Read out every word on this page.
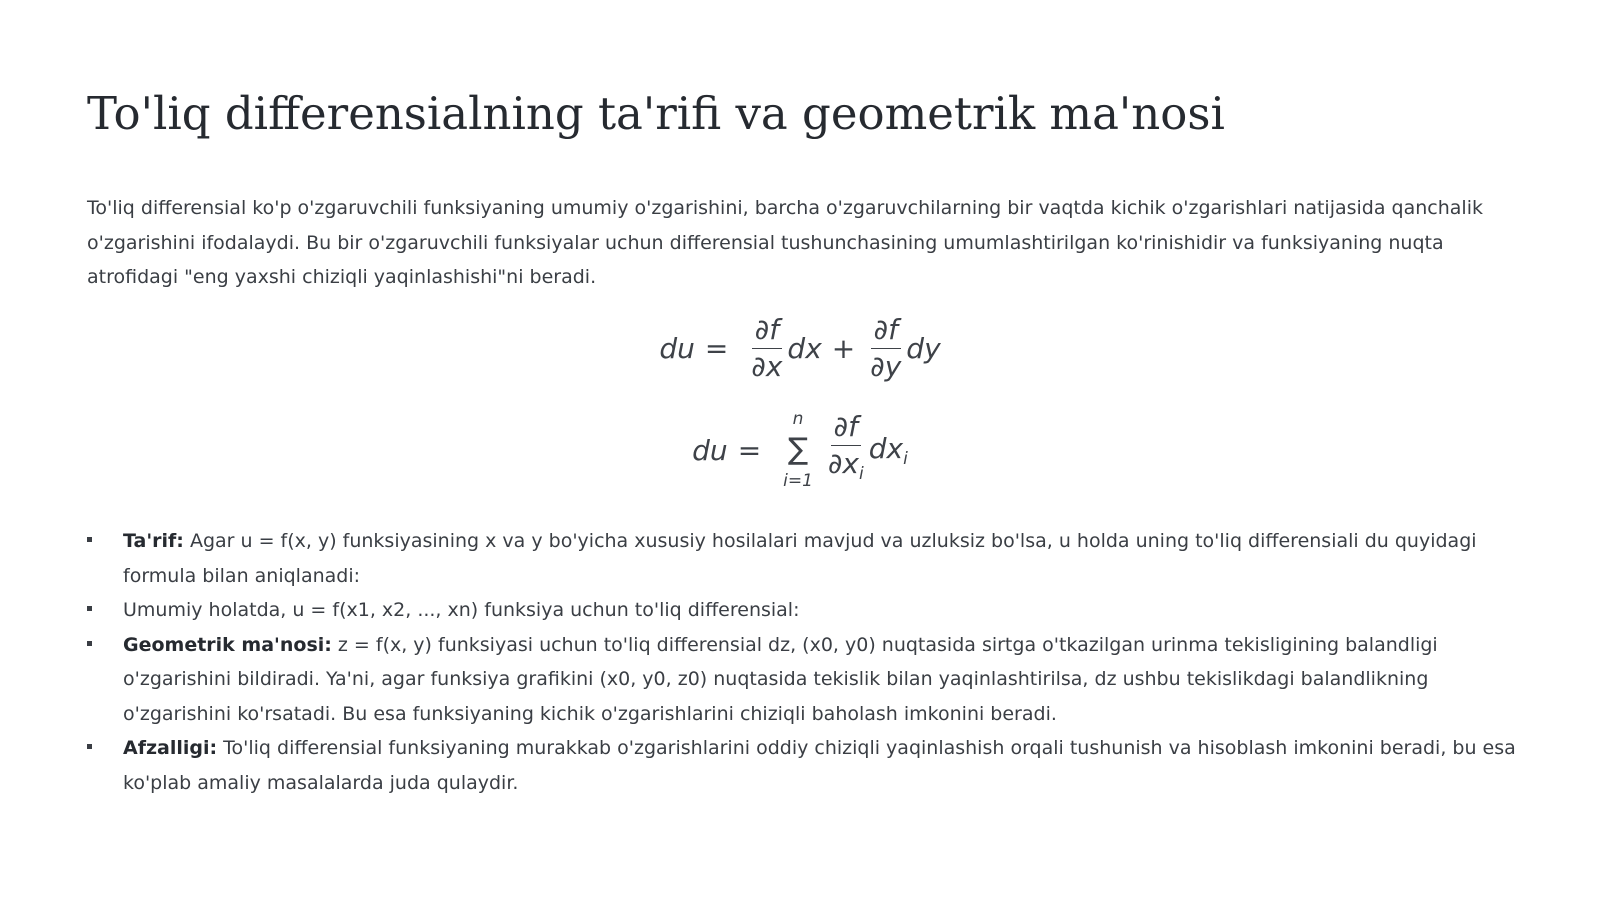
To'liq differensialning ta'rifi va geometrik ma'nosi

To'liq differensial ko'p o'zgaruvchili funksiyaning umumiy o'zgarishini, barcha o'zgaruvchilarning bir vaqtda kichik o'zgarishlari natijasida qanchalik o'zgarishini ifodalaydi. Bu bir o'zgaruvchili funksiyalar uchun differensial tushunchasining umumlashtirilgan ko'rinishidir va funksiyaning nuqta atrofidagi "eng yaxshi chiziqli yaqinlashishi"ni beradi.

du = $\frac{\partial f}{\partial x}$ dx + $\frac{\partial f}{\partial y}$ dy
du =
n
∑
$i=1 \frac{\partial f}{\partial x_i} dx_i$
Ta'rif: Agar u = f(x, y) funksiyasining x va y bo'yicha xususiy hosilalari mavjud va uzluksiz bo'lsa, u holda uning to'liq differensiali du quyidagi formula bilan aniqlanadi:
Umumiy holatda, u = f(x1, x2, ..., xn) funksiya uchun to'liq differensial:
Geometrik ma'nosi: z = f(x, y) funksiyasi uchun to'liq differensial dz, (x0, y0) nuqtasida sirtga o'tkazilgan urinma tekisligining balandligi o'zgarishini bildiradi. Ya'ni, agar funksiya grafikini (x0, y0, z0) nuqtasida tekislik bilan yaqinlashtirilsa, dz ushbu tekislikdagi balandlikning o'zgarishini ko'rsatadi. Bu esa funksiyaning kichik o'zgarishlarini chiziqli baholash imkonini beradi.
Afzalligi: To'liq differensial funksiyaning murakkab o'zgarishlarini oddiy chiziqli yaqinlashish orqali tushunish va hisoblash imkonini beradi, bu esa ko'plab amaliy masalalarda juda qulaydir.
